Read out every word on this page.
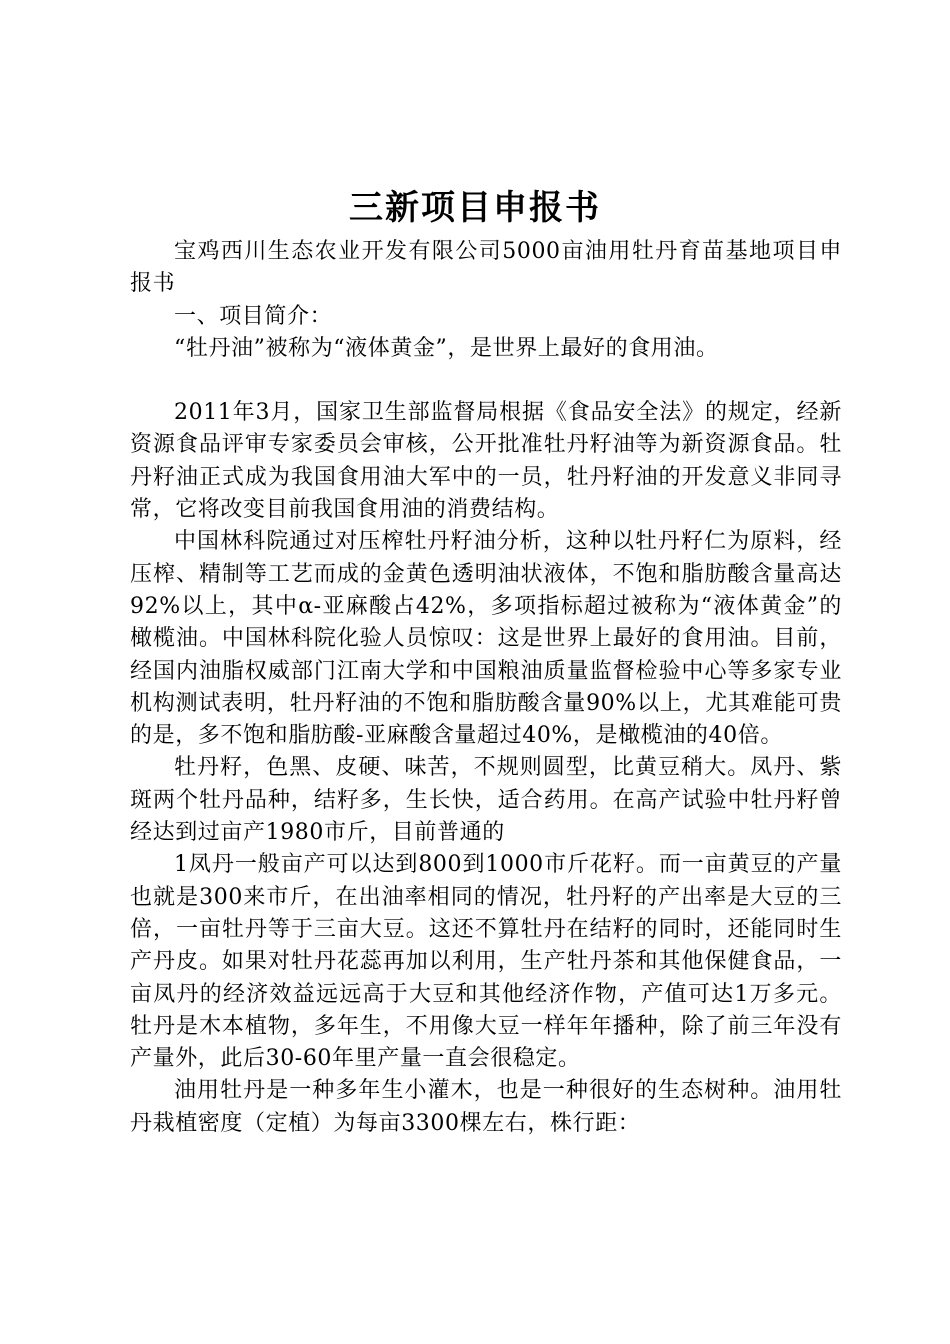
三新项目申报书

宝鸡西川生态农业开发有限公司5000亩油用牡丹育苗基地项目申报书

一、项目简介：

“牡丹油”被称为“液体黄金”，是世界上最好的食用油。

2011年3月，国家卫生部监督局根据《食品安全法》的规定，经新资源食品评审专家委员会审核，公开批准牡丹籽油等为新资源食品。牡丹籽油正式成为我国食用油大军中的一员，牡丹籽油的开发意义非同寻常，它将改变目前我国食用油的消费结构。

中国林科院通过对压榨牡丹籽油分析，这种以牡丹籽仁为原料，经压榨、精制等工艺而成的金黄色透明油状液体，不饱和脂肪酸含量高达92%以上，其中α-亚麻酸占42%，多项指标超过被称为“液体黄金”的橄榄油。中国林科院化验人员惊叹：这是世界上最好的食用油。目前，经国内油脂权威部门江南大学和中国粮油质量监督检验中心等多家专业机构测试表明，牡丹籽油的不饱和脂肪酸含量90%以上，尤其难能可贵的是，多不饱和脂肪酸-亚麻酸含量超过40%，是橄榄油的40倍。

牡丹籽，色黑、皮硬、味苦，不规则圆型，比黄豆稍大。凤丹、紫斑两个牡丹品种，结籽多，生长快，适合药用。在高产试验中牡丹籽曾经达到过亩产1980市斤，目前普通的

1凤丹一般亩产可以达到800到1000市斤花籽。而一亩黄豆的产量也就是300来市斤，在出油率相同的情况，牡丹籽的产出率是大豆的三倍，一亩牡丹等于三亩大豆。这还不算牡丹在结籽的同时，还能同时生产丹皮。如果对牡丹花蕊再加以利用，生产牡丹茶和其他保健食品，一亩凤丹的经济效益远远高于大豆和其他经济作物，产值可达1万多元。牡丹是木本植物，多年生，不用像大豆一样年年播种，除了前三年没有产量外，此后30-60年里产量一直会很稳定。

油用牡丹是一种多年生小灌木，也是一种很好的生态树种。油用牡丹栽植密度（定植）为每亩3300棵左右，株行距：
